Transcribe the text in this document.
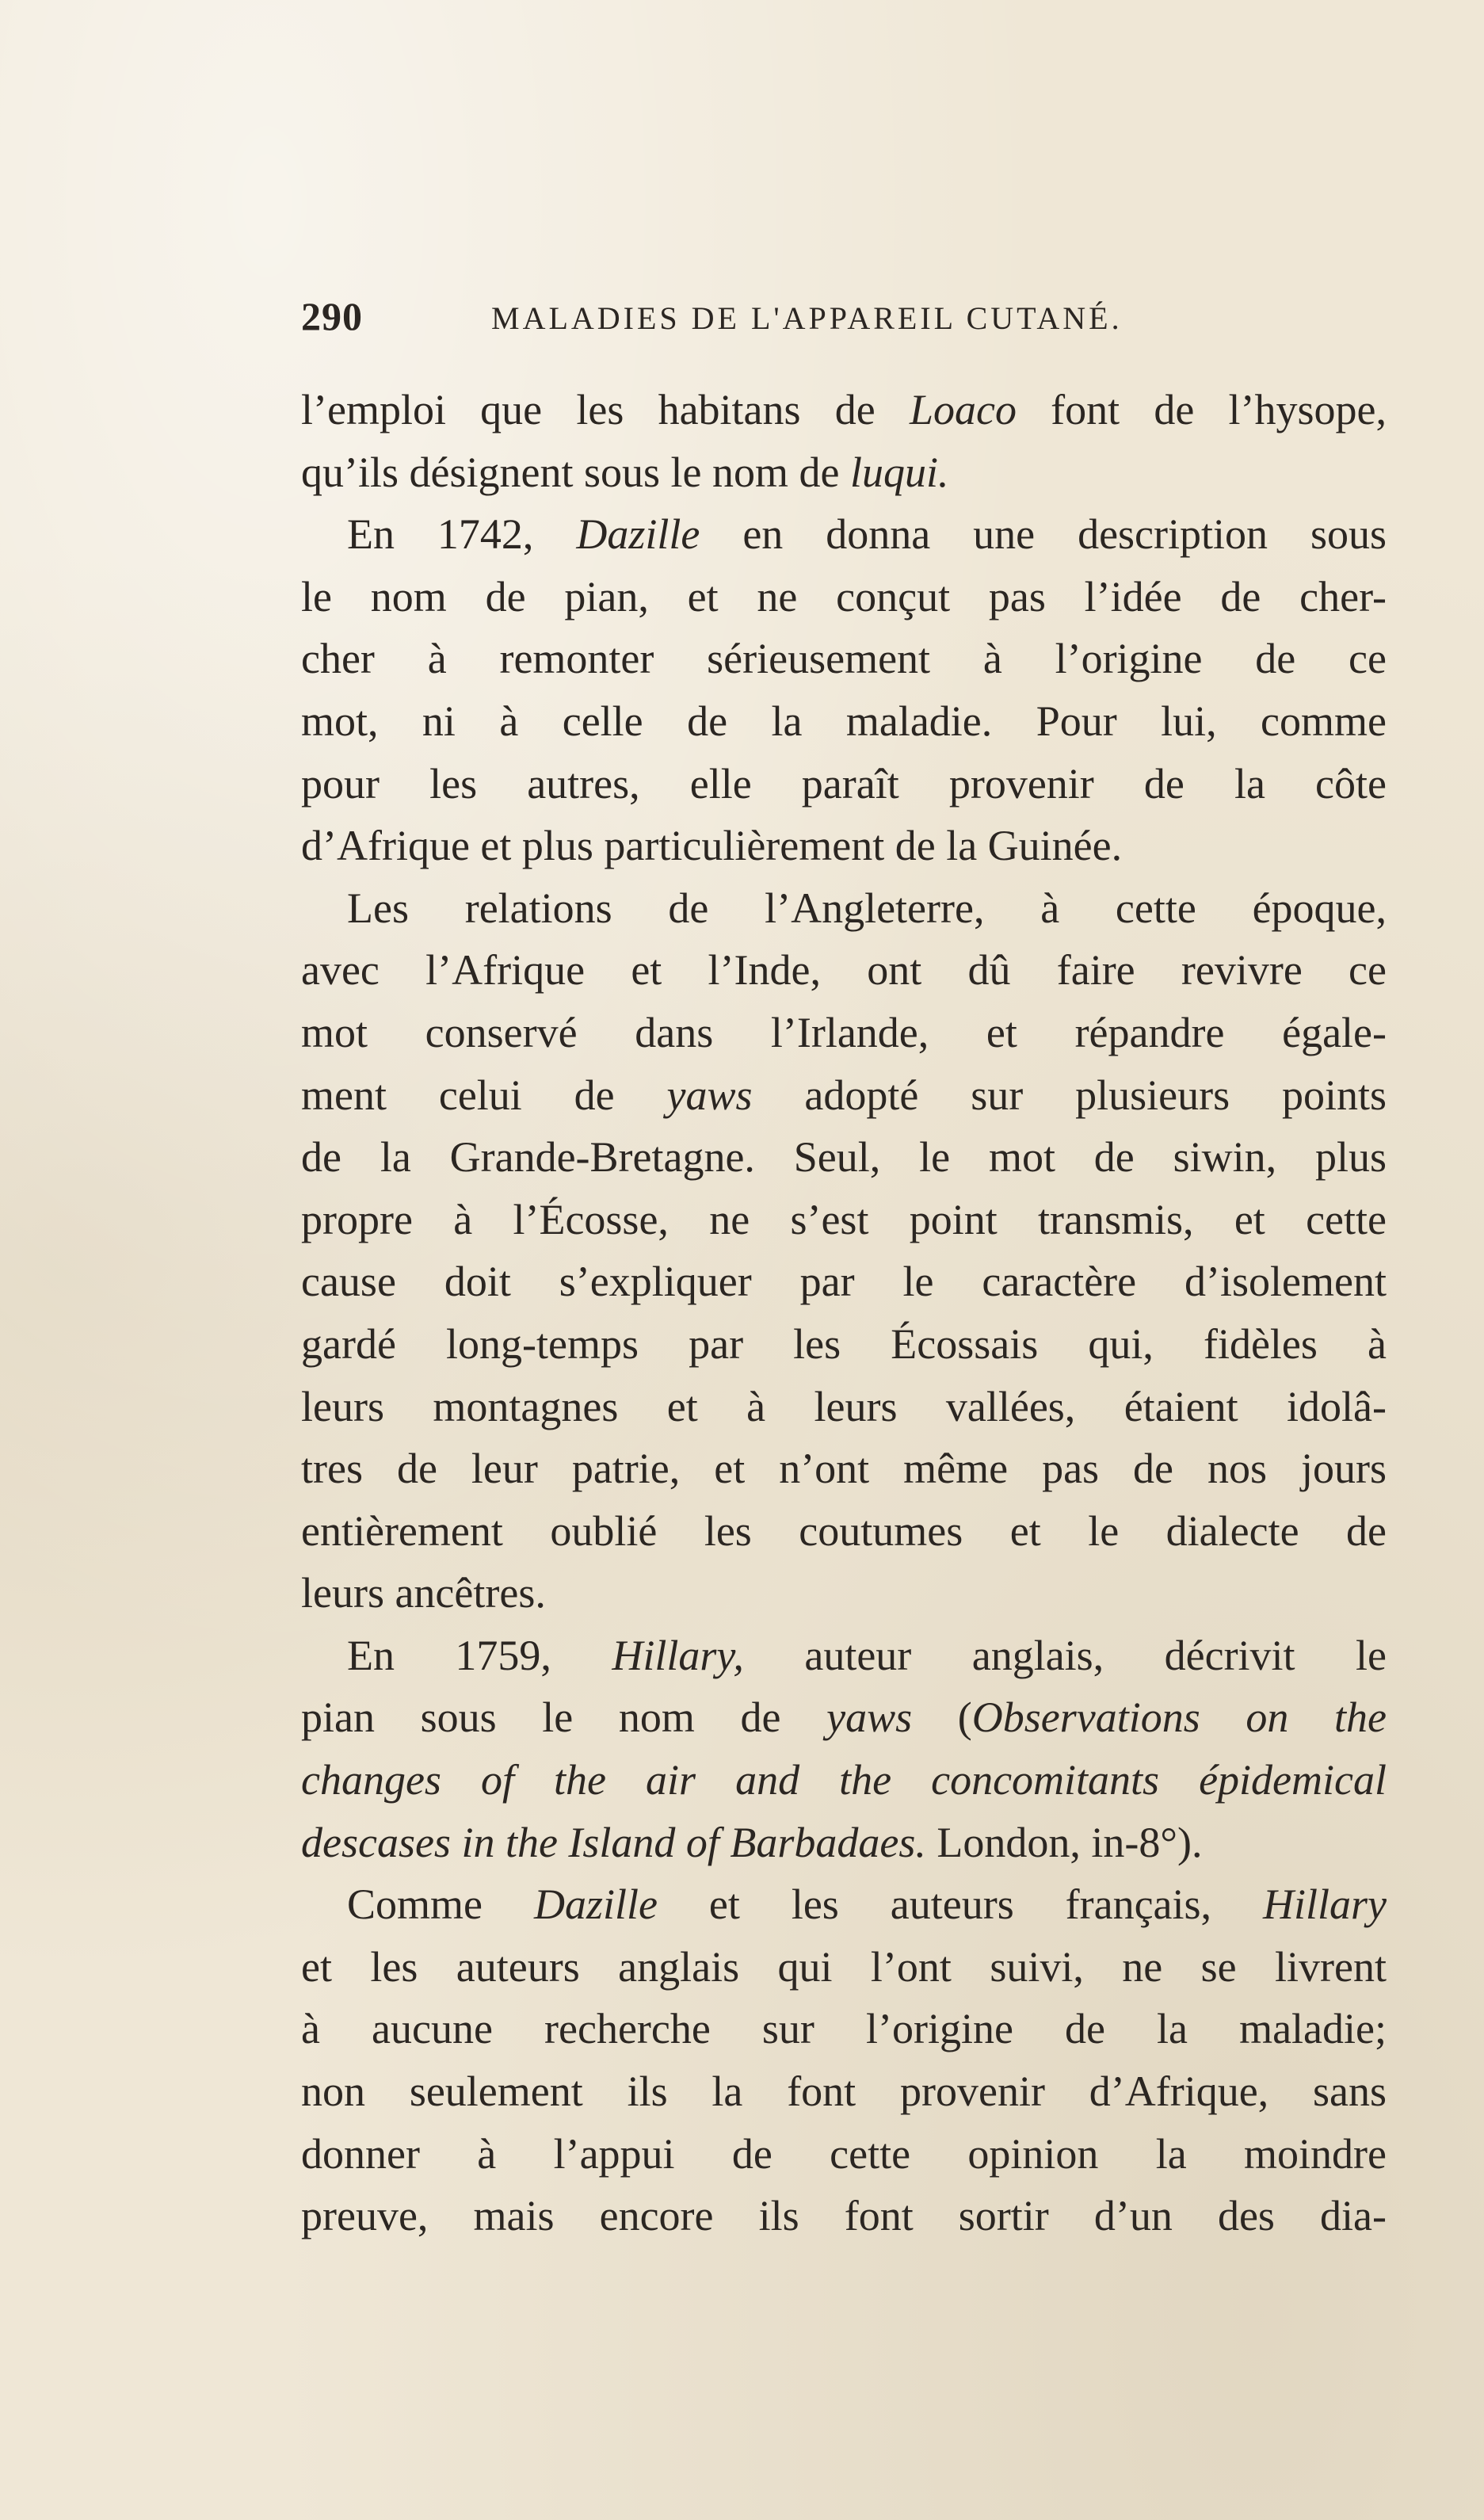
290	MALADIES DE L'APPAREIL CUTANÉ.
l’emploi que les habitans de Loaco font de l’hysope,
qu’ils désignent sous le nom de luqui.
En 1742, Dazille en donna une description sous
le nom de pian, et ne conçut pas l’idée de cher-
cher à remonter sérieusement à l’origine de ce
mot, ni à celle de la maladie. Pour lui, comme
pour les autres, elle paraît provenir de la côte
d’Afrique et plus particulièrement de la Guinée.
Les relations de l’Angleterre, à cette époque,
avec l’Afrique et l’Inde, ont dû faire revivre ce
mot conservé dans l’Irlande, et répandre égale-
ment celui de yaws adopté sur plusieurs points
de la Grande-Bretagne. Seul, le mot de siwin, plus
propre à l’Écosse, ne s’est point transmis, et cette
cause doit s’expliquer par le caractère d’isolement
gardé long-temps par les Écossais qui, fidèles à
leurs montagnes et à leurs vallées, étaient idolâ-
tres de leur patrie, et n’ont même pas de nos jours
entièrement oublié les coutumes et le dialecte de
leurs ancêtres.
En 1759, Hillary, auteur anglais, décrivit le
pian sous le nom de yaws (Observations on the
changes of the air and the concomitants épidemical
descases in the Island of Barbadaes. London, in-8°).
Comme Dazille et les auteurs français, Hillary
et les auteurs anglais qui l’ont suivi, ne se livrent
à aucune recherche sur l’origine de la maladie;
non seulement ils la font provenir d’Afrique, sans
donner à l’appui de cette opinion la moindre
preuve, mais encore ils font sortir d’un des dia-
